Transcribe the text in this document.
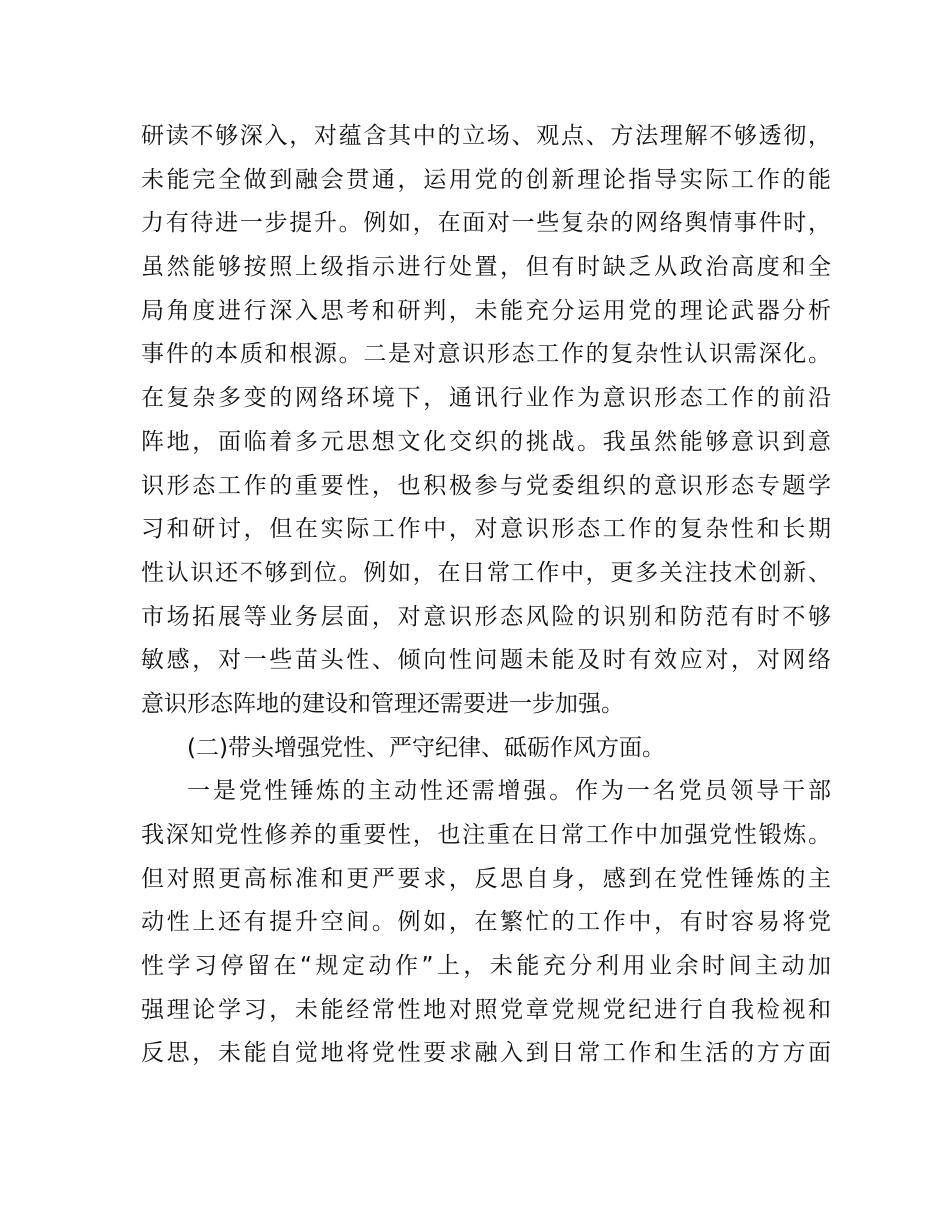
研读不够深入，对蕴含其中的立场、观点、方法理解不够透彻，
未能完全做到融会贯通，运用党的创新理论指导实际工作的能
力有待进一步提升。例如，在面对一些复杂的网络舆情事件时，
虽然能够按照上级指示进行处置，但有时缺乏从政治高度和全
局角度进行深入思考和研判，未能充分运用党的理论武器分析
事件的本质和根源。二是对意识形态工作的复杂性认识需深化。
在复杂多变的网络环境下，通讯行业作为意识形态工作的前沿
阵地，面临着多元思想文化交织的挑战。我虽然能够意识到意
识形态工作的重要性，也积极参与党委组织的意识形态专题学
习和研讨，但在实际工作中，对意识形态工作的复杂性和长期
性认识还不够到位。例如，在日常工作中，更多关注技术创新、
市场拓展等业务层面，对意识形态风险的识别和防范有时不够
敏感，对一些苗头性、倾向性问题未能及时有效应对，对网络
意识形态阵地的建设和管理还需要进一步加强。
(二)带头增强党性、严守纪律、砥砺作风方面。
一是党性锤炼的主动性还需增强。作为一名党员领导干部
我深知党性修养的重要性，也注重在日常工作中加强党性锻炼。
但对照更高标准和更严要求，反思自身，感到在党性锤炼的主
动性上还有提升空间。例如，在繁忙的工作中，有时容易将党
性学习停留在“规定动作”上，未能充分利用业余时间主动加
强理论学习，未能经常性地对照党章党规党纪进行自我检视和
反思，未能自觉地将党性要求融入到日常工作和生活的方方面
